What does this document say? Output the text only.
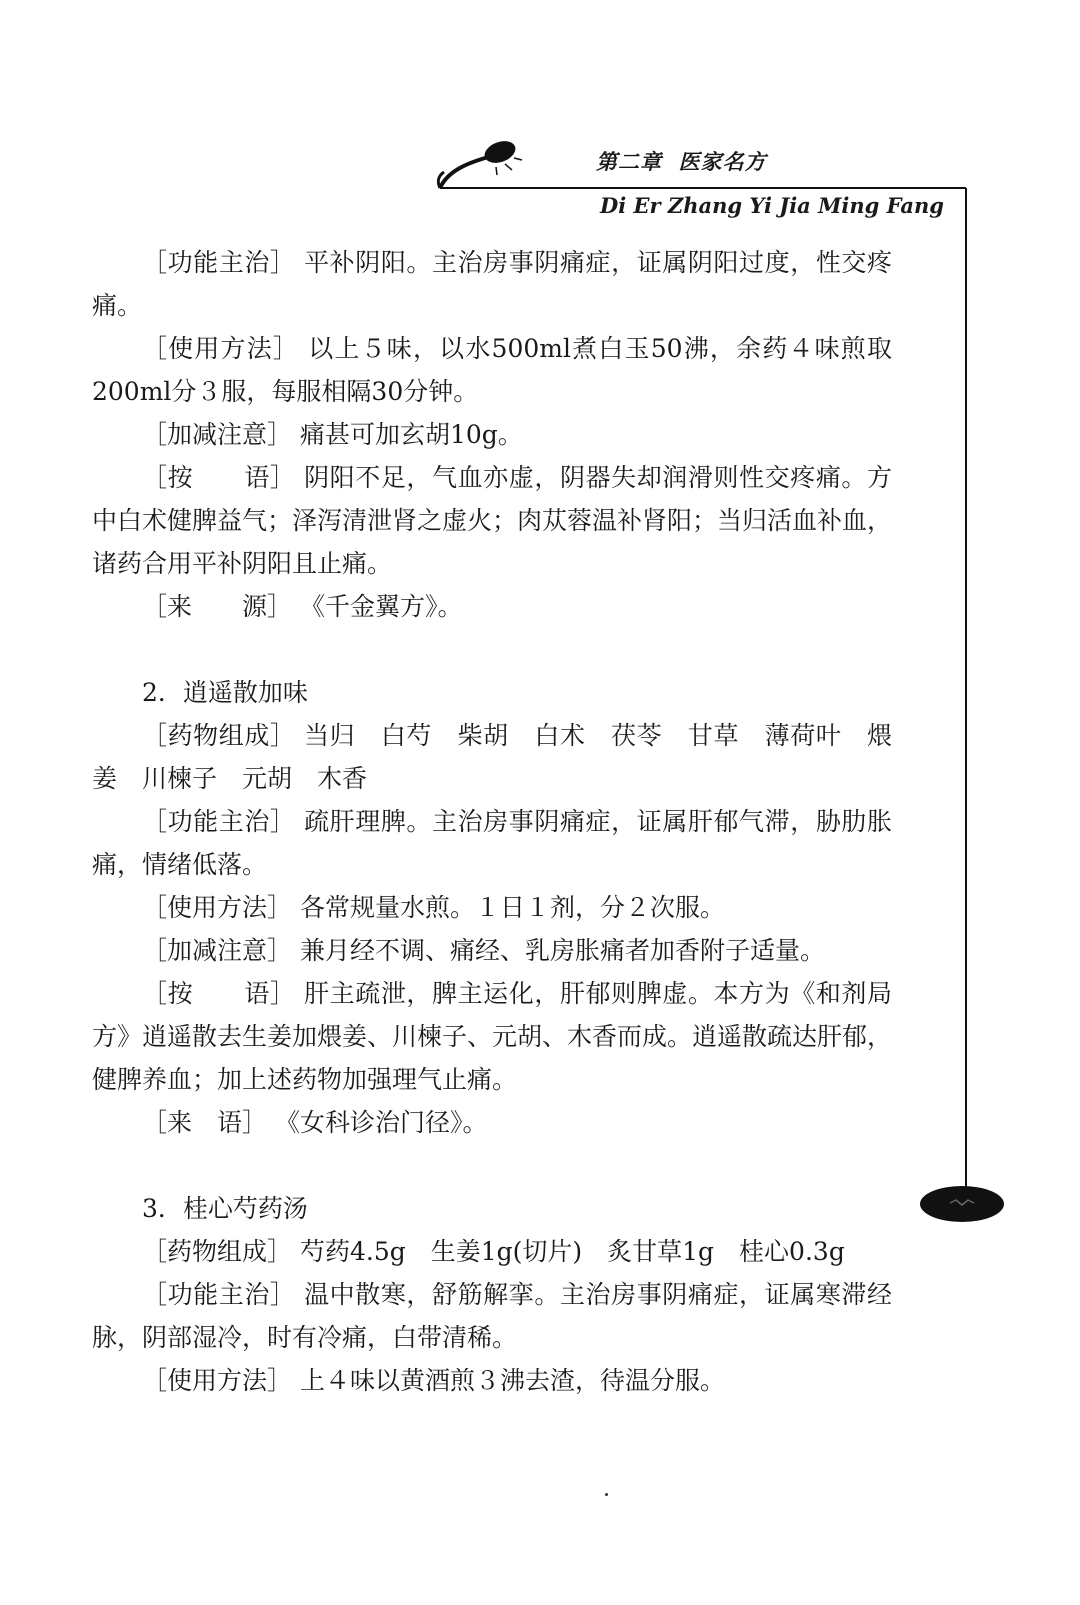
第二章  医家名方
Di Er Zhang Yi Jia Ming Fang

［功能主治］ 平补阴阳。主治房事阴痛症，证属阴阳过度，性交疼痛。

［使用方法］ 以上５味，以水500ml煮白玉50沸，余药４味煎取200ml分３服，每服相隔30分钟。

［加减注意］ 痛甚可加玄胡10g。

［按　　语］ 阴阳不足，气血亦虚，阴器失却润滑则性交疼痛。方中白术健脾益气；泽泻清泄肾之虚火；肉苁蓉温补肾阳；当归活血补血，诸药合用平补阴阳且止痛。

［来　　源］ 《千金翼方》。

2．逍遥散加味

［药物组成］ 当归　白芍　柴胡　白术　茯苓　甘草　薄荷叶　煨姜　川楝子　元胡　木香

［功能主治］ 疏肝理脾。主治房事阴痛症，证属肝郁气滞，胁肋胀痛，情绪低落。

［使用方法］ 各常规量水煎。１日１剂，分２次服。

［加减注意］ 兼月经不调、痛经、乳房胀痛者加香附子适量。

［按　　语］ 肝主疏泄，脾主运化，肝郁则脾虚。本方为《和剂局方》逍遥散去生姜加煨姜、川楝子、元胡、木香而成。逍遥散疏达肝郁，健脾养血；加上述药物加强理气止痛。

［来　语］ 《女科诊治门径》。

3．桂心芍药汤

［药物组成］ 芍药4.5g　生姜1g(切片)　炙甘草1g　桂心0.3g

［功能主治］ 温中散寒，舒筋解挛。主治房事阴痛症，证属寒滞经脉，阴部湿冷，时有冷痛，白带清稀。

［使用方法］ 上４味以黄酒煎３沸去渣，待温分服。
